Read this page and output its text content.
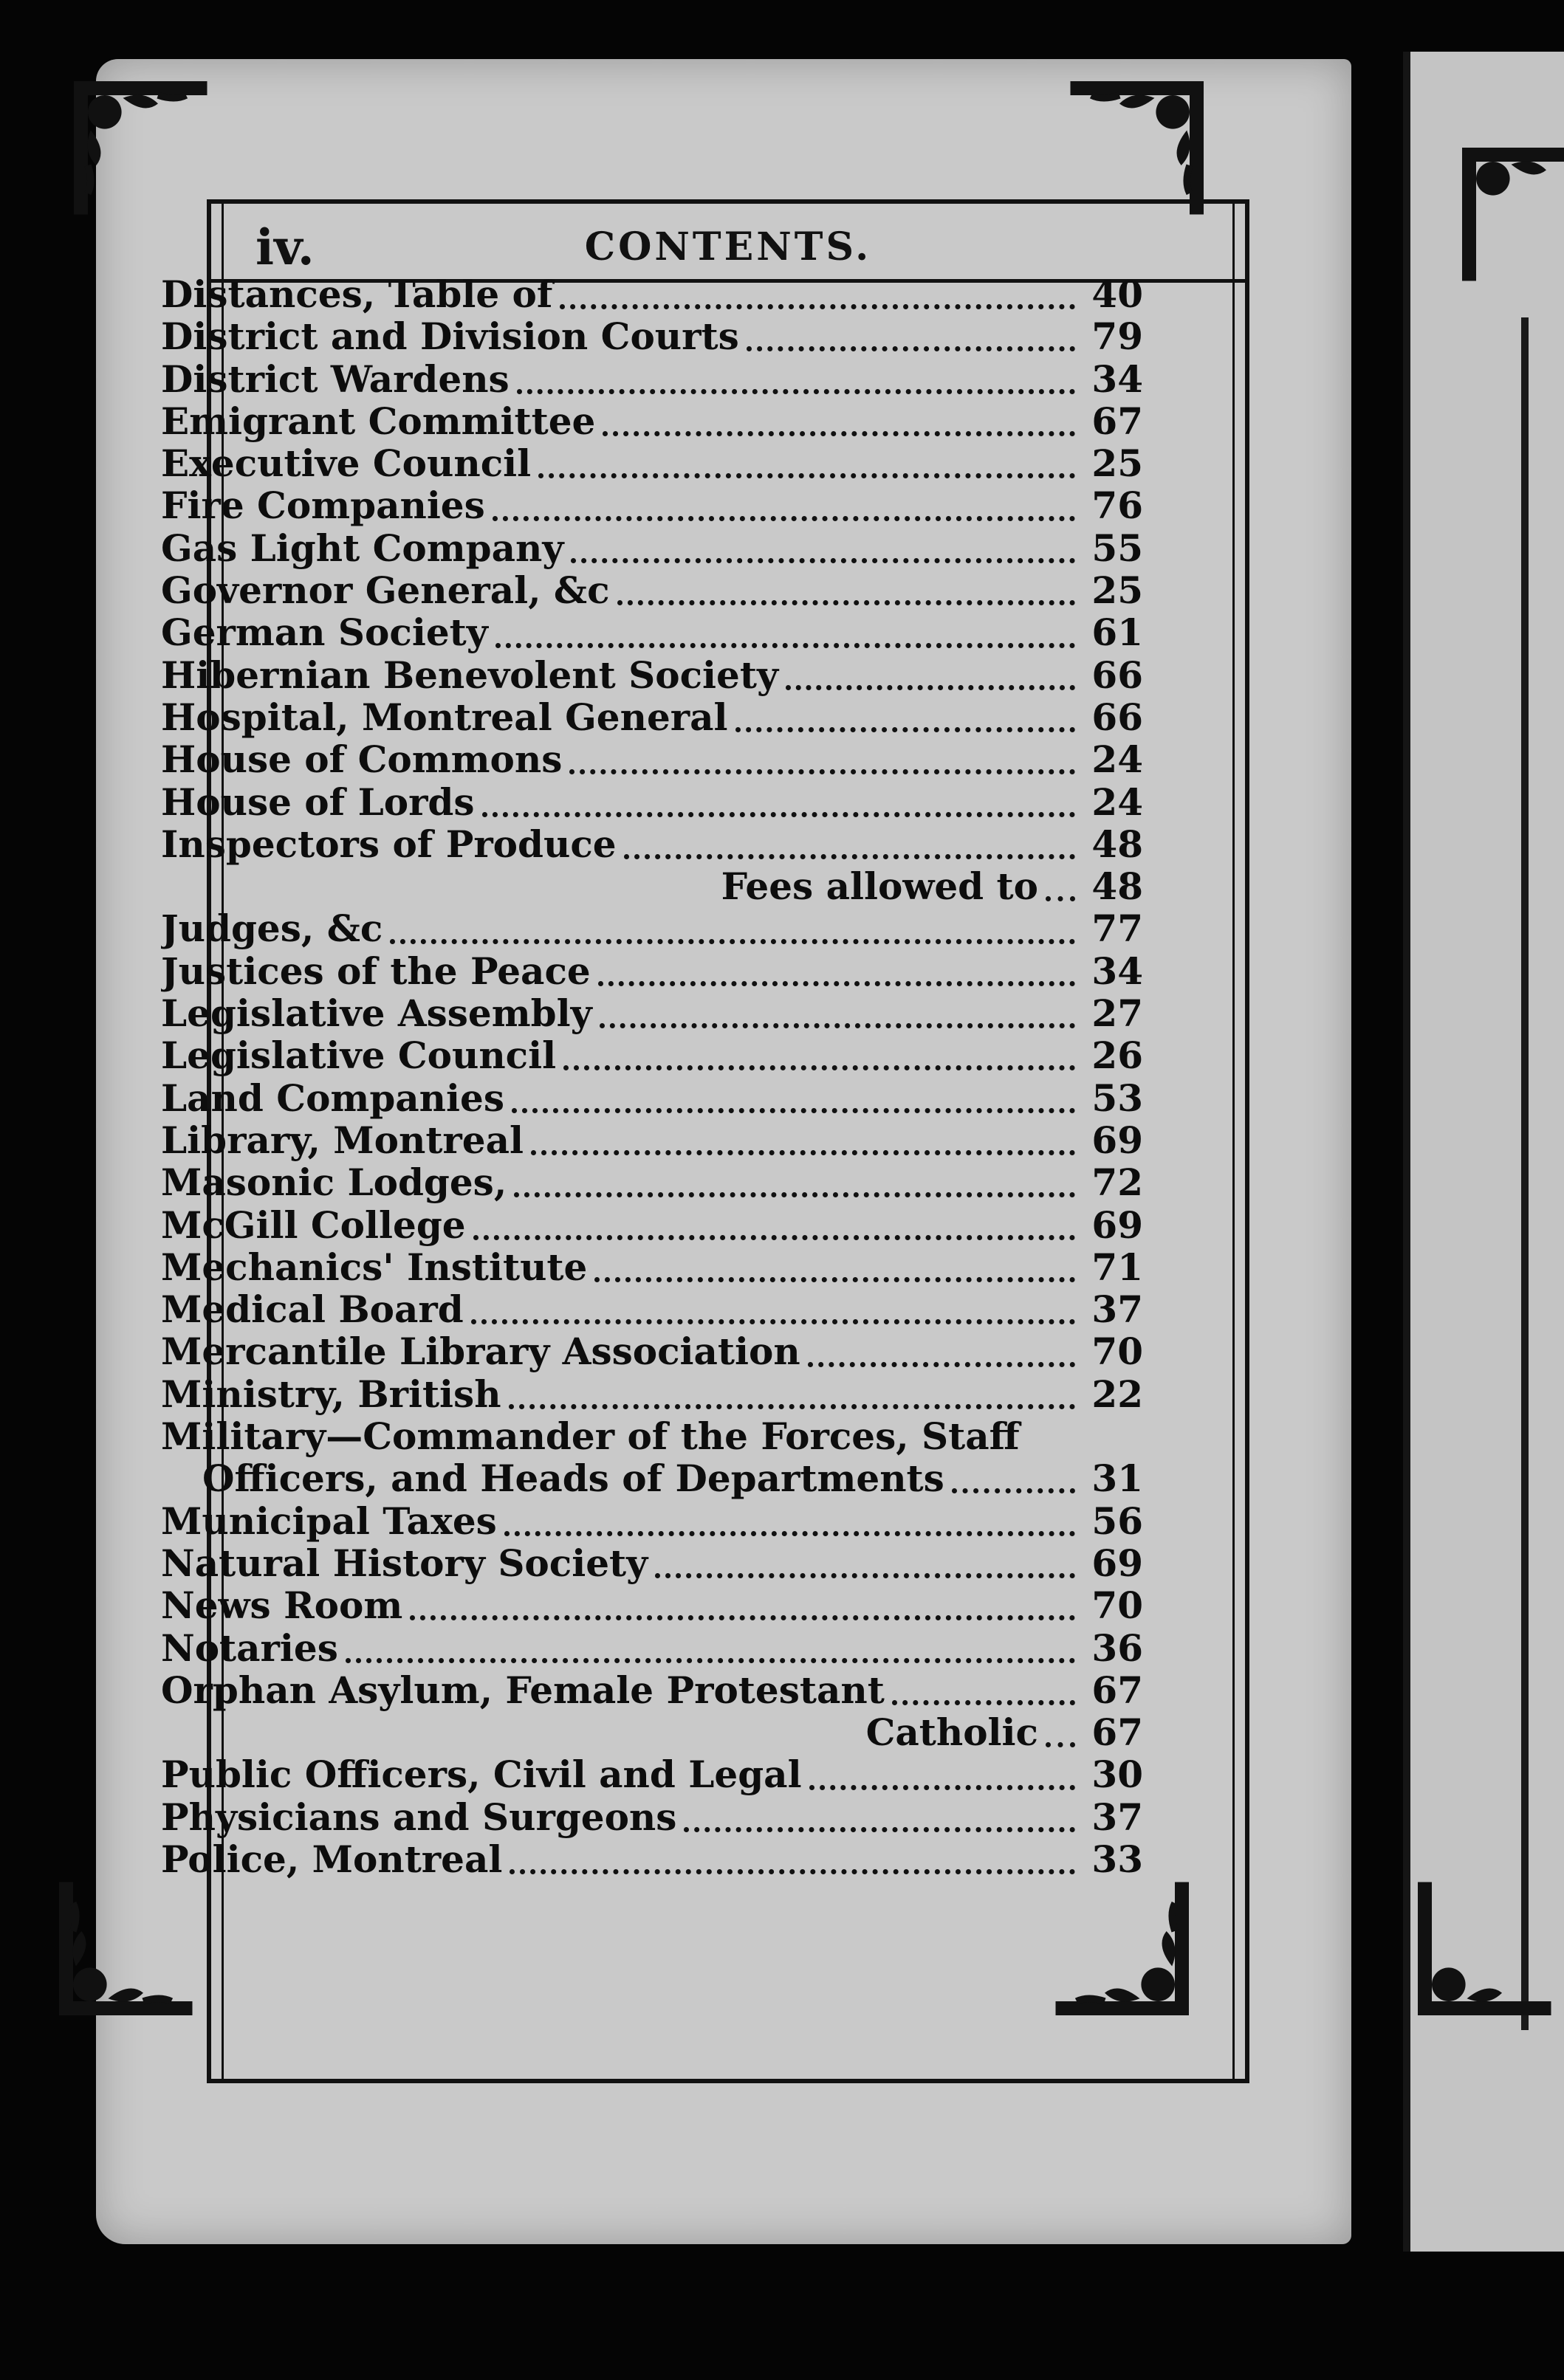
iv.	CONTENTS.
Distances, Table of	40
District and Division Courts	79
District Wardens	34
Emigrant Committee	67
Executive Council	25
Fire Companies	76
Gas Light Company	55
Governor General, &c	25
German Society	61
Hibernian Benevolent Society	66
Hospital, Montreal General	66
House of Commons	24
House of Lords	24
Inspectors of Produce	48
Fees allowed to 48
Judges, &c	77
Justices of the Peace	34
Legislative Assembly	27
Legislative Council	26
Land Companies	53
Library, Montreal	69
Masonic Lodges,	72
McGill College	69
Mechanics' Institute	71
Medical Board	37
Mercantile Library Association	70
Ministry, British	22
Military—Commander of the Forces, Staff
Officers, and Heads of Departments	31
Municipal Taxes	56
Natural History Society	69
News Room	70
Notaries	36
Orphan Asylum, Female Protestant	67
Catholic 67
Public Officers, Civil and Legal	30
Physicians and Surgeons	37
Police, Montreal	33
